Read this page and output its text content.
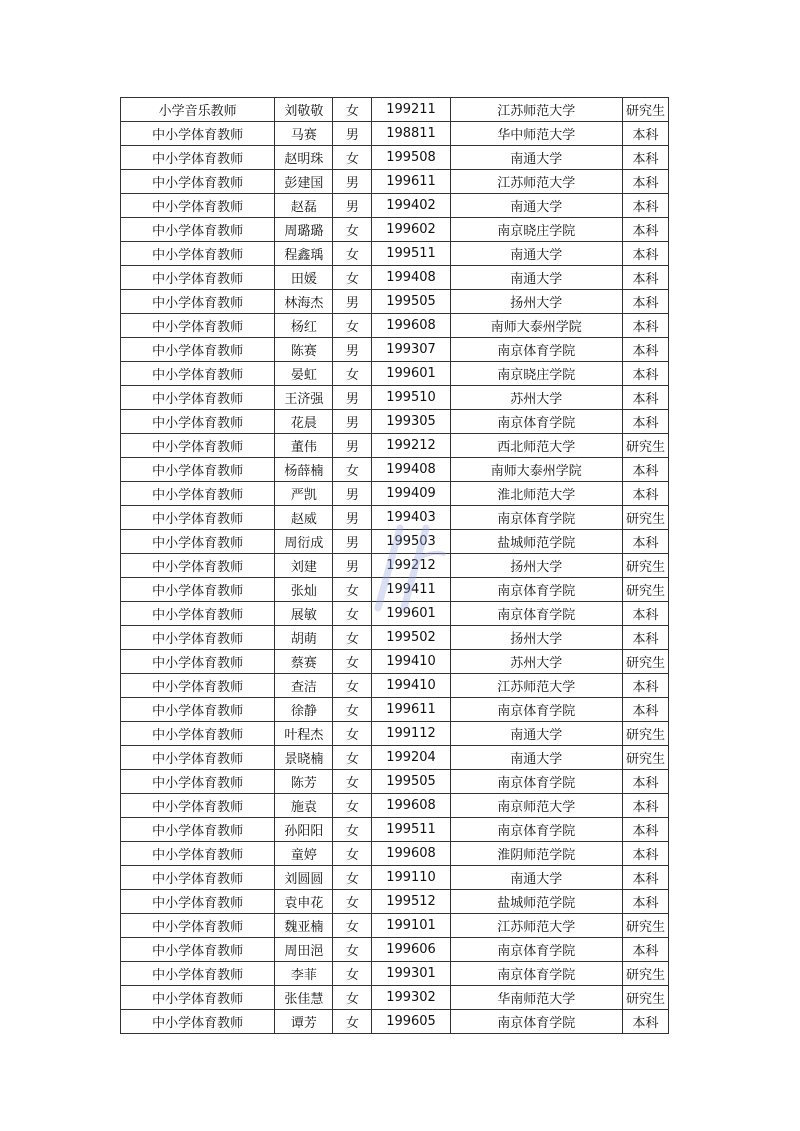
小学音乐教师	刘敬敬	女	199211	江苏师范大学	研究生
中小学体育教师	马赛	男	198811	华中师范大学	本科
中小学体育教师	赵明珠	女	199508	南通大学	本科
中小学体育教师	彭建国	男	199611	江苏师范大学	本科
中小学体育教师	赵磊	男	199402	南通大学	本科
中小学体育教师	周璐璐	女	199602	南京晓庄学院	本科
中小学体育教师	程鑫瑀	女	199511	南通大学	本科
中小学体育教师	田媛	女	199408	南通大学	本科
中小学体育教师	林海杰	男	199505	扬州大学	本科
中小学体育教师	杨红	女	199608	南师大泰州学院	本科
中小学体育教师	陈赛	男	199307	南京体育学院	本科
中小学体育教师	晏虹	女	199601	南京晓庄学院	本科
中小学体育教师	王济强	男	199510	苏州大学	本科
中小学体育教师	花晨	男	199305	南京体育学院	本科
中小学体育教师	董伟	男	199212	西北师范大学	研究生
中小学体育教师	杨薛楠	女	199408	南师大泰州学院	本科
中小学体育教师	严凯	男	199409	淮北师范大学	本科
中小学体育教师	赵威	男	199403	南京体育学院	研究生
中小学体育教师	周衍成	男	199503	盐城师范学院	本科
中小学体育教师	刘建	男	199212	扬州大学	研究生
中小学体育教师	张灿	女	199411	南京体育学院	研究生
中小学体育教师	展敏	女	199601	南京体育学院	本科
中小学体育教师	胡萌	女	199502	扬州大学	本科
中小学体育教师	蔡赛	女	199410	苏州大学	研究生
中小学体育教师	查洁	女	199410	江苏师范大学	本科
中小学体育教师	徐静	女	199611	南京体育学院	本科
中小学体育教师	叶程杰	女	199112	南通大学	研究生
中小学体育教师	景晓楠	女	199204	南通大学	研究生
中小学体育教师	陈芳	女	199505	南京体育学院	本科
中小学体育教师	施袁	女	199608	南京师范大学	本科
中小学体育教师	孙阳阳	女	199511	南京体育学院	本科
中小学体育教师	童婷	女	199608	淮阴师范学院	本科
中小学体育教师	刘圆圆	女	199110	南通大学	本科
中小学体育教师	袁申花	女	199512	盐城师范学院	本科
中小学体育教师	魏亚楠	女	199101	江苏师范大学	研究生
中小学体育教师	周田浥	女	199606	南京体育学院	本科
中小学体育教师	李菲	女	199301	南京体育学院	研究生
中小学体育教师	张佳慧	女	199302	华南师范大学	研究生
中小学体育教师	谭芳	女	199605	南京体育学院	本科
